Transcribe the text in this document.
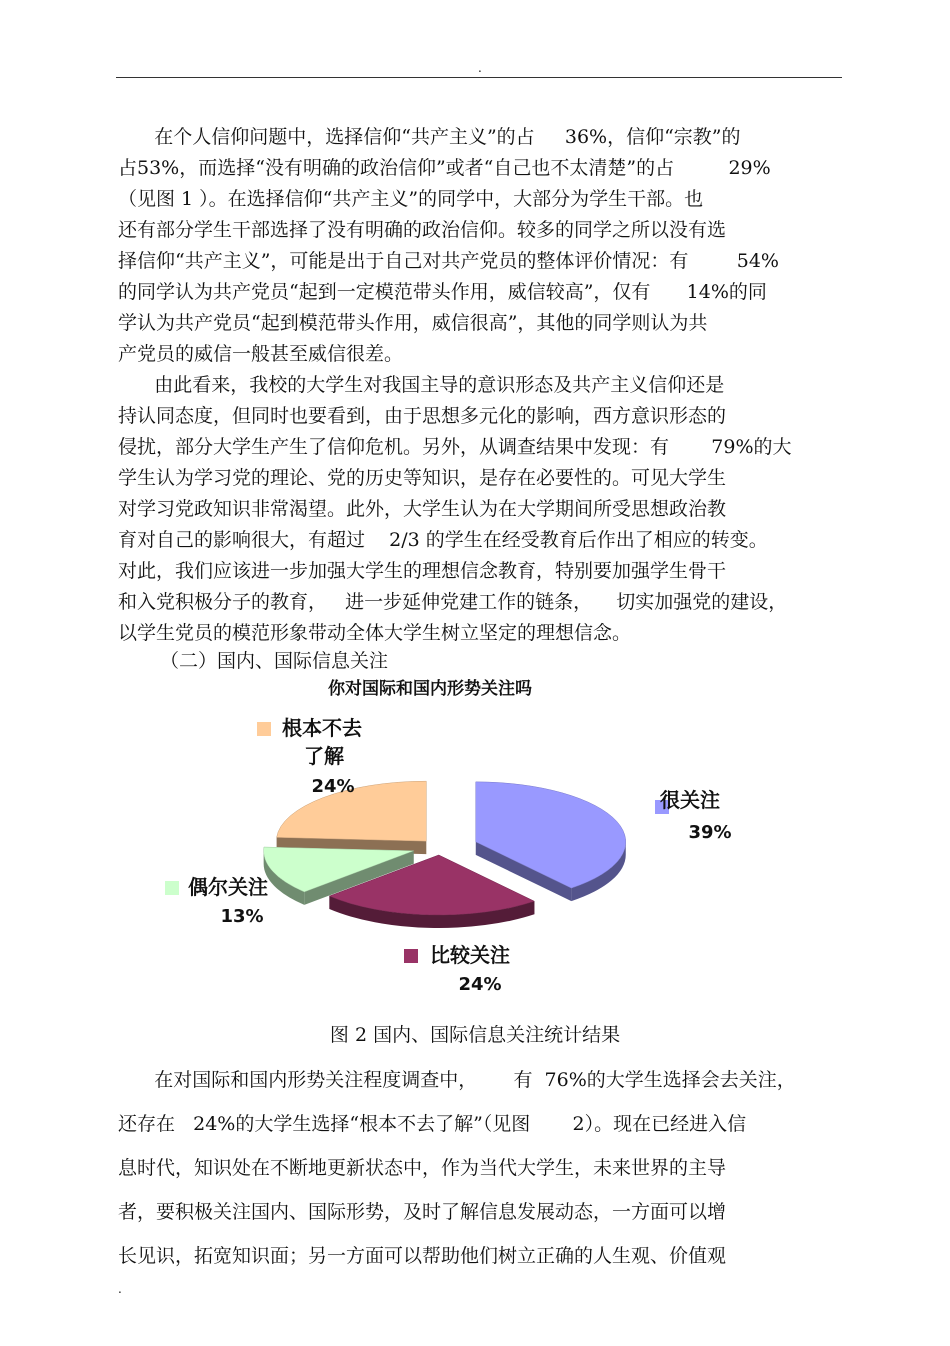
.
在个人信仰问题中，选择信仰“共产主义”的占     36%，信仰“宗教”的
占53%，而选择“没有明确的政治信仰”或者“自己也不太清楚”的占         29%
（见图 1 ）。在选择信仰“共产主义”的同学中，大部分为学生干部。也
还有部分学生干部选择了没有明确的政治信仰。较多的同学之所以没有选
择信仰“共产主义”，可能是出于自己对共产党员的整体评价情况：有        54%
的同学认为共产党员“起到一定模范带头作用，威信较高”，仅有      14%的同
学认为共产党员“起到模范带头作用，威信很高”，其他的同学则认为共
产党员的威信一般甚至威信很差。
由此看来，我校的大学生对我国主导的意识形态及共产主义信仰还是
持认同态度，但同时也要看到，由于思想多元化的影响，西方意识形态的
侵扰，部分大学生产生了信仰危机。另外，从调查结果中发现：有       79%的大
学生认为学习党的理论、党的历史等知识，是存在必要性的。可见大学生
对学习党政知识非常渴望。此外，大学生认为在大学期间所受思想政治教
育对自己的影响很大，有超过    2/3 的学生在经受教育后作出了相应的转变。
对此，我们应该进一步加强大学生的理想信念教育，特别要加强学生骨干
和入党积极分子的教育，   进一步延伸党建工作的链条，    切实加强党的建设，
以学生党员的模范形象带动全体大学生树立坚定的理想信念。
（二）国内、国际信息关注
你对国际和国内形势关注吗
很关注
39%
比较关注
24%
偶尔关注
13%
根本不去
了解
24%
图 2 国内、国际信息关注统计结果
在对国际和国内形势关注程度调查中，      有  76%的大学生选择会去关注，
还存在   24%的大学生选择“根本不去了解”（见图       2）。现在已经进入信
息时代，知识处在不断地更新状态中，作为当代大学生，未来世界的主导
者，要积极关注国内、国际形势，及时了解信息发展动态，一方面可以增
长见识，拓宽知识面；另一方面可以帮助他们树立正确的人生观、价值观
.
